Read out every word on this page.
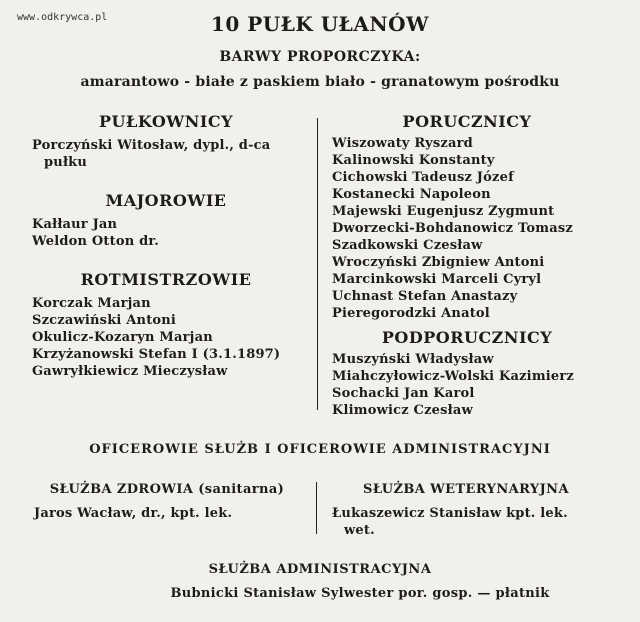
www.odkrywca.pl	10 PUŁK UŁANÓW
BARWY PROPORCZYKA:
amarantowo - białe z paskiem biało - granatowym pośrodku

PUŁKOWNICY

Porczyński Witosław, dypl., d-ca

pułku

MAJOROWIE

Kałłaur Jan

Weldon Otton dr.

ROTMISTRZOWIE

Korczak Marjan

Szczawiński Antoni

Okulicz-Kozaryn Marjan

Krzyżanowski Stefan I (3.1.1897)

Gawryłkiewicz Mieczysław

PORUCZNICY

Wiszowaty Ryszard

Kalinowski Konstanty

Cichowski Tadeusz Józef

Kostanecki Napoleon

Majewski Eugenjusz Zygmunt

Dworzecki-Bohdanowicz Tomasz

Szadkowski Czesław

Wroczyński Zbigniew Antoni

Marcinkowski Marceli Cyryl

Uchnast Stefan Anastazy

Pieregorodzki Anatol

PODPORUCZNICY

Muszyński Władysław

Miahczyłowicz-Wolski Kazimierz

Sochacki Jan Karol

Klimowicz Czesław

OFICEROWIE SŁUŻB I OFICEROWIE ADMINISTRACYJNI
SŁUŻBA ZDROWIA (sanitarna)

Jaros Wacław, dr., kpt. lek.

SŁUŻBA WETERYNARYJNA

Łukaszewicz Stanisław kpt. lek.

wet.

SŁUŻBA ADMINISTRACYJNA
Bubnicki Stanisław Sylwester por. gosp. — płatnik
